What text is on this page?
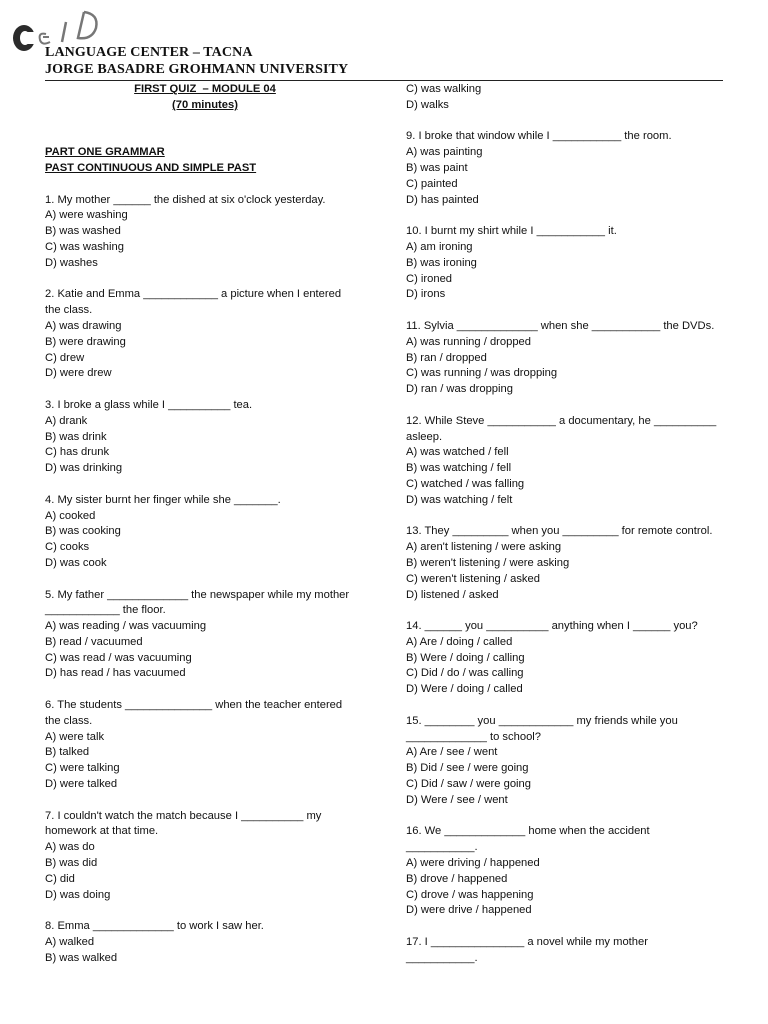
LANGUAGE CENTER – TACNA
JORGE BASADRE GROHMANN UNIVERSITY
FIRST QUIZ  – MODULE 04
(70 minutes)
PART ONE GRAMMAR
PAST CONTINUOUS AND SIMPLE PAST
1. My mother ______ the dished at six o'clock yesterday.
A) were washing
B) was washed
C) was washing
D) washes
2. Katie and Emma ____________ a picture when I entered
the class.
A) was drawing
B) were drawing
C) drew
D) were drew
3. I broke a glass while I __________ tea.
A) drank
B) was drink
C) has drunk
D) was drinking
4. My sister burnt her finger while she _______.
A) cooked
B) was cooking
C) cooks
D) was cook
5. My father _____________ the newspaper while my mother
____________ the floor.
A) was reading / was vacuuming
B) read / vacuumed
C) was read / was vacuuming
D) has read / has vacuumed
6. The students ______________ when the teacher entered
the class.
A) were talk
B) talked
C) were talking
D) were talked
7. I couldn't watch the match because I __________ my
homework at that time.
A) was do
B) was did
C) did
D) was doing
8. Emma _____________ to work I saw her.
A) walked
B) was walked
C) was walking
D) walks
9. I broke that window while I ___________ the room.
A) was painting
B) was paint
C) painted
D) has painted
10. I burnt my shirt while I ___________ it.
A) am ironing
B) was ironing
C) ironed
D) irons
11. Sylvia _____________ when she ___________ the DVDs.
A) was running / dropped
B) ran / dropped
C) was running / was dropping
D) ran / was dropping
12. While Steve ___________ a documentary, he __________
asleep.
A) was watched / fell
B) was watching / fell
C) watched / was falling
D) was watching / felt
13. They _________ when you _________ for remote control.
A) aren't listening / were asking
B) weren't listening / were asking
C) weren't listening / asked
D) listened / asked
14. ______ you __________ anything when I ______ you?
A) Are / doing / called
B) Were / doing / calling
C) Did / do / was calling
D) Were / doing / called
15. ________ you ____________ my friends while you
_____________ to school?
A) Are / see / went
B) Did / see / were going
C) Did / saw / were going
D) Were / see / went
16. We _____________ home when the accident
___________.
A) were driving / happened
B) drove / happened
C) drove / was happening
D) were drive / happened
17. I _______________ a novel while my mother
___________.
